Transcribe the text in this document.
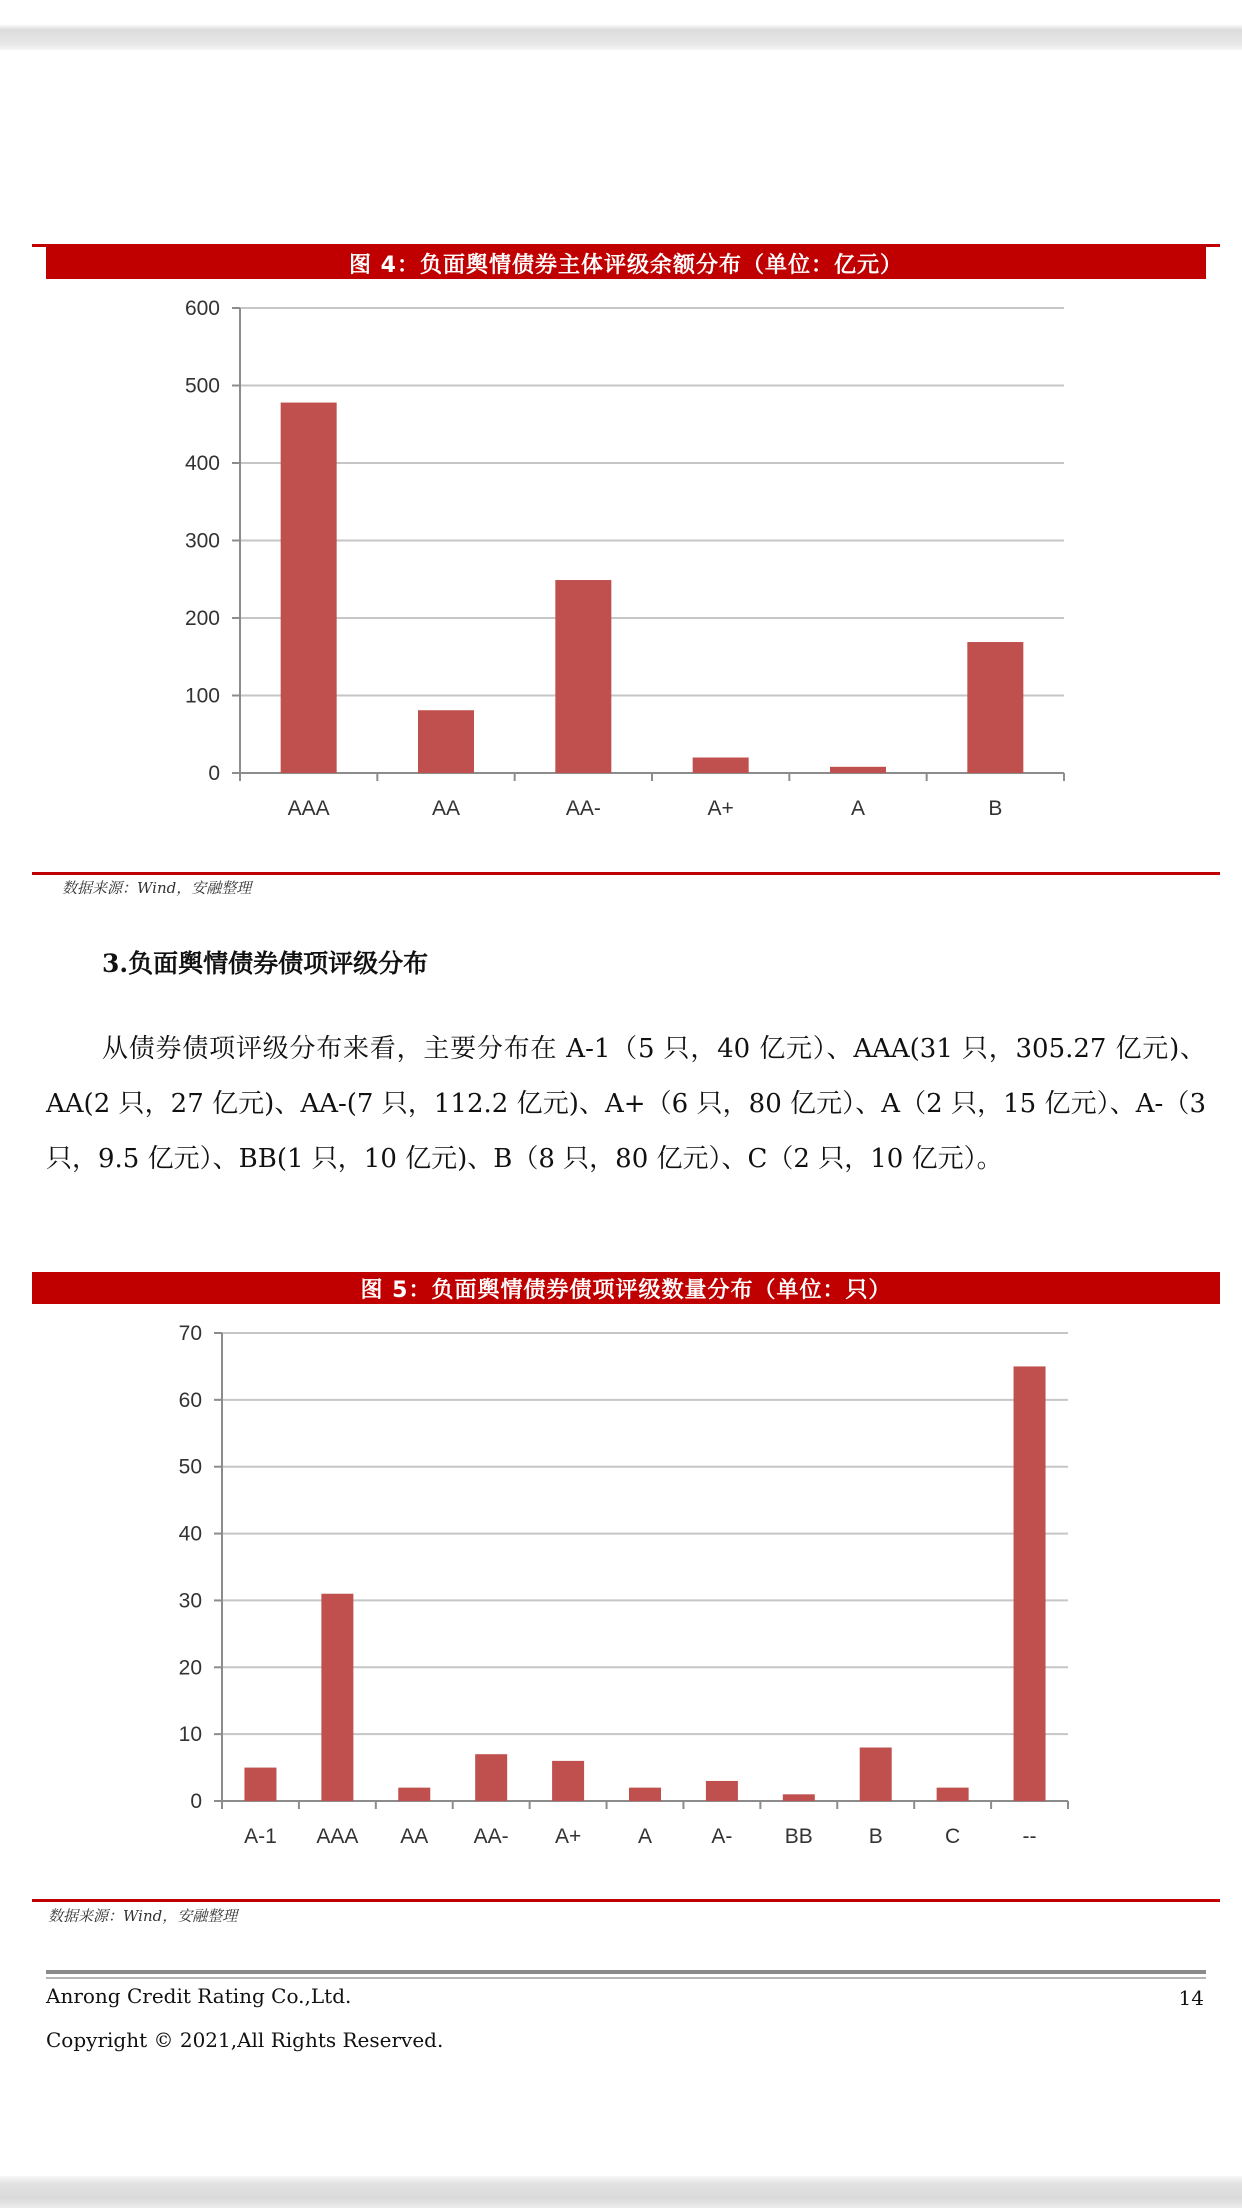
图 4：负面舆情债券主体评级余额分布（单位：亿元）
0
100
200
300
400
500
600
AAA	AA	AA-	A+	A	B
数据来源：Wind，安融整理
3.负面舆情债券债项评级分布
从债券债项评级分布来看，主要分布在 A-1（5 只，40 亿元）、AAA(31 只，305.27 亿元)、AA(2 只，27 亿元)、AA-(7 只，112.2 亿元)、A+（6 只，80 亿元）、A（2 只，15 亿元）、A-（3 只，9.5 亿元）、BB(1 只，10 亿元)、B（8 只，80 亿元）、C（2 只，10 亿元）。
图 5：负面舆情债券债项评级数量分布（单位：只）
0
10
20
30
40
50
60
70
A-1 AAA AA AA- A+	A	A- BB	B	C	--
数据来源：Wind，安融整理
Anrong Credit Rating Co.,Ltd.	14
Copyright © 2021,All Rights Reserved.
